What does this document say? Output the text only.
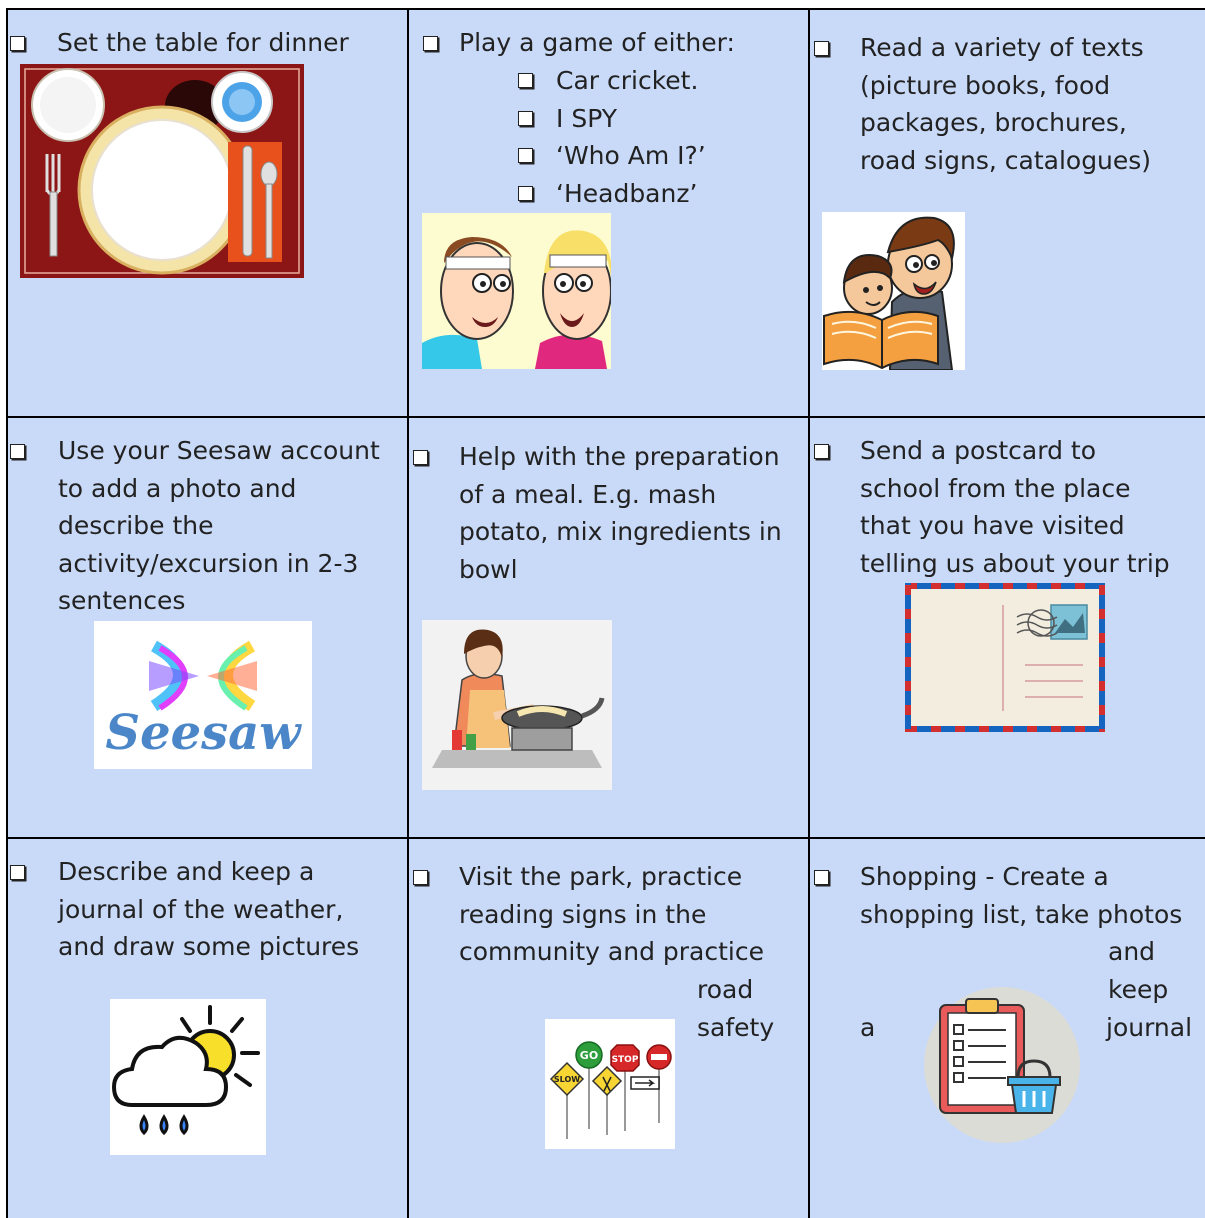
Set the table for dinner	Play a game of either:
Car cricket.
I SPY
‘Who Am I?’
‘Headbanz’
Read a variety of texts
(picture books, food
packages, brochures,
road signs, catalogues)
Use your Seesaw account
to add a photo and
describe the
activity/excursion in 2-3
sentences
Seesaw
Help with the preparation
of a meal. E.g. mash
potato, mix ingredients in
bowl
Send a postcard to
school from the place
that you have visited
telling us about your trip
Describe and keep a
journal of the weather,
and draw some pictures
Visit the park, practice
reading signs in the
community and practice
road
safety
GO STOP
SLOW
Shopping - Create a
shopping list, take photos
and
keep
a	journal
